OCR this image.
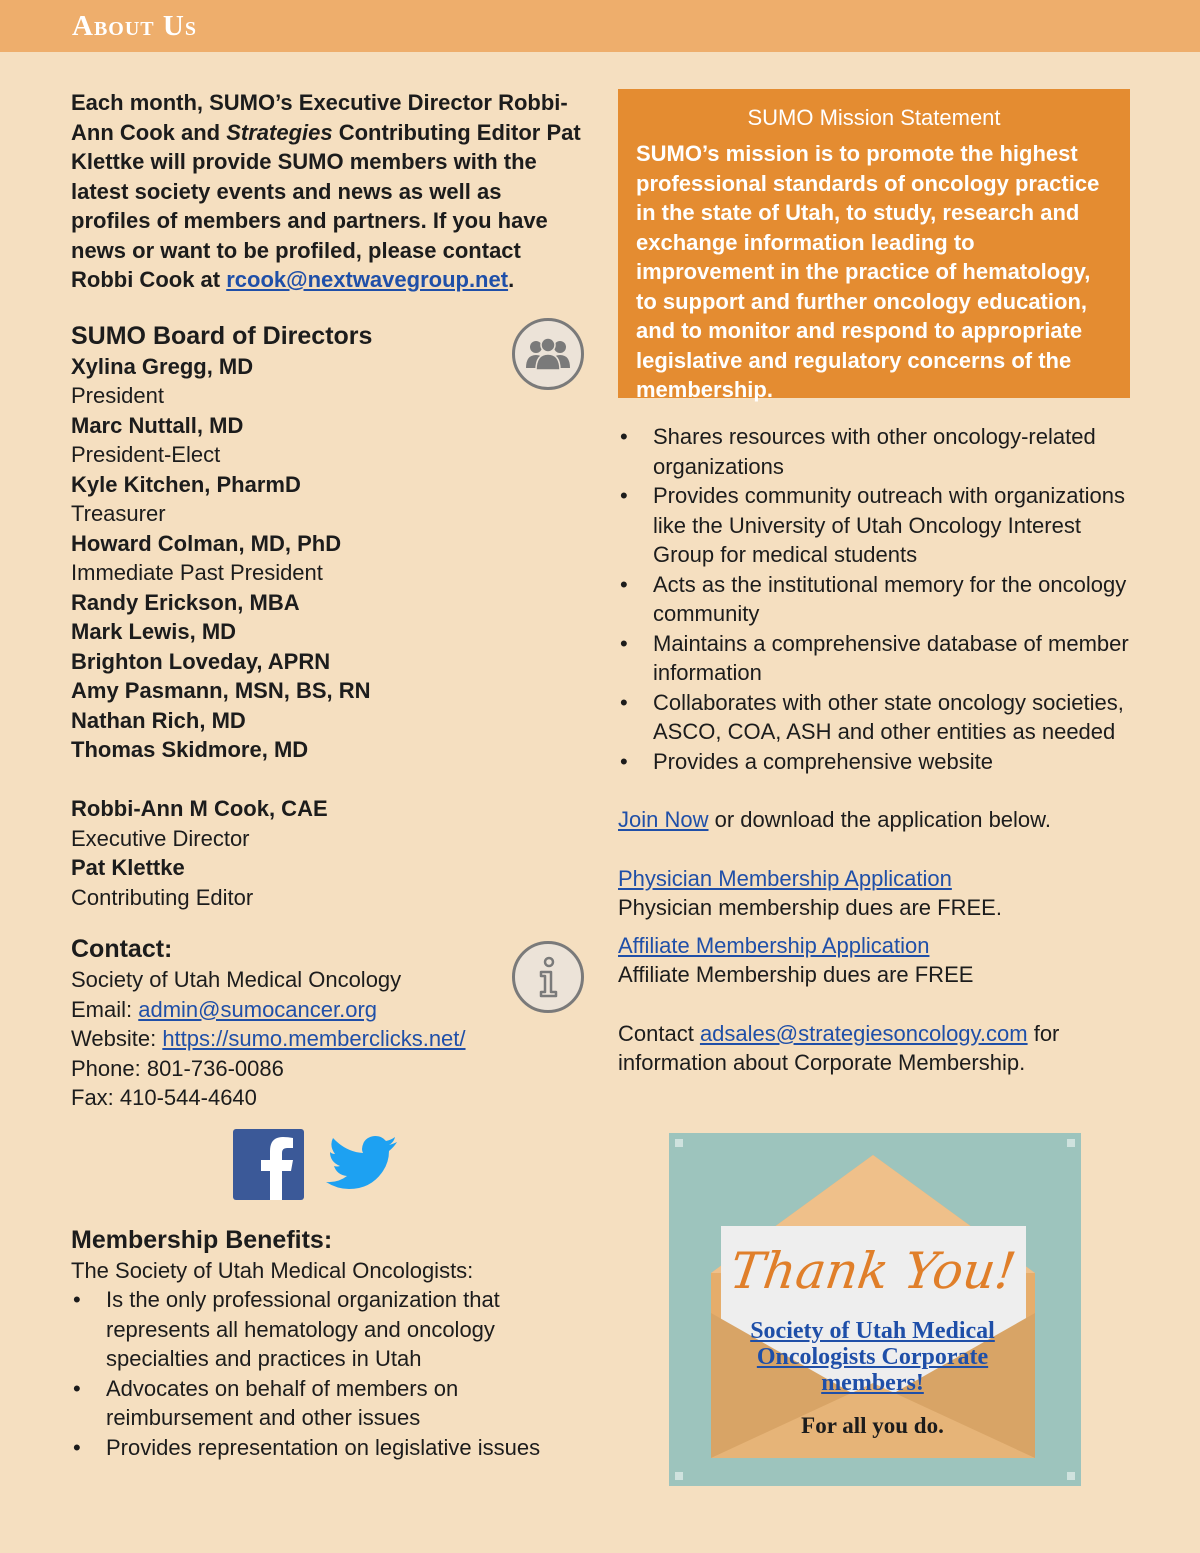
About Us

Each month, SUMO’s Executive Director Robbi-Ann Cook and Strategies Contributing Editor Pat Klettke will provide SUMO members with the latest society events and news as well as profiles of members and partners. If you have news or want to be profiled, please contact Robbi Cook at rcook@nextwavegroup.net.

SUMO Board of Directors
Xylina Gregg, MD
President
Marc Nuttall, MD
President-Elect
Kyle Kitchen, PharmD
Treasurer
Howard Colman, MD, PhD
Immediate Past President
Randy Erickson, MBA
Mark Lewis, MD
Brighton Loveday, APRN
Amy Pasmann, MSN, BS, RN
Nathan Rich, MD
Thomas Skidmore, MD
Robbi-Ann M Cook, CAE
Executive Director
Pat Klettke
Contributing Editor
Contact:
Society of Utah Medical Oncology
Email: admin@sumocancer.org
Website: https://sumo.memberclicks.net/
Phone: 801-736-0086
Fax: 410-544-4640
Membership Benefits:
The Society of Utah Medical Oncologists:
• Is the only professional organization that represents all hematology and oncology specialties and practices in Utah
• Advocates on behalf of members on reimbursement and other issues
• Provides representation on legislative issues
SUMO Mission Statement
SUMO’s mission is to promote the highest professional standards of oncology practice in the state of Utah, to study, research and exchange information leading to improvement in the practice of hematology, to support and further oncology education, and to monitor and respond to appropriate legislative and regulatory concerns of the membership.
• Shares resources with other oncology-related organizations
• Provides community outreach with organizations like the University of Utah Oncology Interest Group for medical students
• Acts as the institutional memory for the oncology community
• Maintains a comprehensive database of member information
• Collaborates with other state oncology societies, ASCO, COA, ASH and other entities as needed
• Provides a comprehensive website
Join Now or download the application below.
Physician Membership Application
Physician membership dues are FREE.
Affiliate Membership Application
Affiliate Membership dues are FREE
Contact adsales@strategiesoncology.com for information about Corporate Membership.
Thank You!
Society of Utah Medical Oncologists Corporate members!
For all you do.
